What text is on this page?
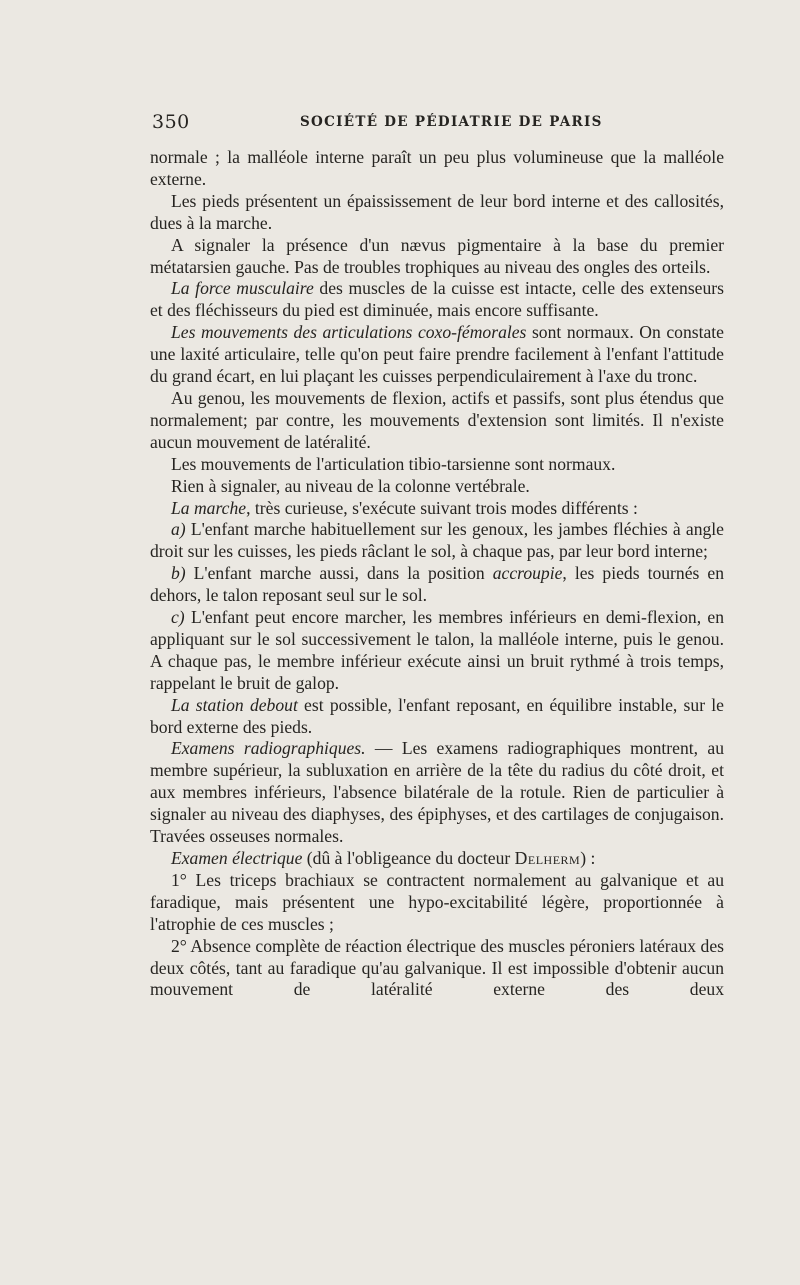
350	SOCIÉTÉ DE PÉDIATRIE DE PARIS

normale ; la malléole interne paraît un peu plus volumineuse que la malléole externe.

Les pieds présentent un épaississement de leur bord interne et des callosités, dues à la marche.

A signaler la présence d'un nævus pigmentaire à la base du premier métatarsien gauche. Pas de troubles trophiques au niveau des ongles des orteils.

La force musculaire des muscles de la cuisse est intacte, celle des extenseurs et des fléchisseurs du pied est diminuée, mais encore suffisante.

Les mouvements des articulations coxo-fémorales sont normaux. On constate une laxité articulaire, telle qu'on peut faire prendre facilement à l'enfant l'attitude du grand écart, en lui plaçant les cuisses perpendiculairement à l'axe du tronc.

Au genou, les mouvements de flexion, actifs et passifs, sont plus étendus que normalement; par contre, les mouvements d'extension sont limités. Il n'existe aucun mouvement de latéralité.

Les mouvements de l'articulation tibio-tarsienne sont normaux.

Rien à signaler, au niveau de la colonne vertébrale.

La marche, très curieuse, s'exécute suivant trois modes différents :

a) L'enfant marche habituellement sur les genoux, les jambes fléchies à angle droit sur les cuisses, les pieds râclant le sol, à chaque pas, par leur bord interne;

b) L'enfant marche aussi, dans la position accroupie, les pieds tournés en dehors, le talon reposant seul sur le sol.

c) L'enfant peut encore marcher, les membres inférieurs en demi-flexion, en appliquant sur le sol successivement le talon, la malléole interne, puis le genou. A chaque pas, le membre inférieur exécute ainsi un bruit rythmé à trois temps, rappelant le bruit de galop.

La station debout est possible, l'enfant reposant, en équilibre instable, sur le bord externe des pieds.

Examens radiographiques. — Les examens radiographiques montrent, au membre supérieur, la subluxation en arrière de la tête du radius du côté droit, et aux membres inférieurs, l'absence bilatérale de la rotule. Rien de particulier à signaler au niveau des diaphyses, des épiphyses, et des cartilages de conjugaison. Travées osseuses normales.

Examen électrique (dû à l'obligeance du docteur Delherm) :

1° Les triceps brachiaux se contractent normalement au galvanique et au faradique, mais présentent une hypo-excitabilité légère, proportionnée à l'atrophie de ces muscles ;

2° Absence complète de réaction électrique des muscles péroniers latéraux des deux côtés, tant au faradique qu'au galvanique. Il est impossible d'obtenir aucun mouvement de latéralité externe des deux
